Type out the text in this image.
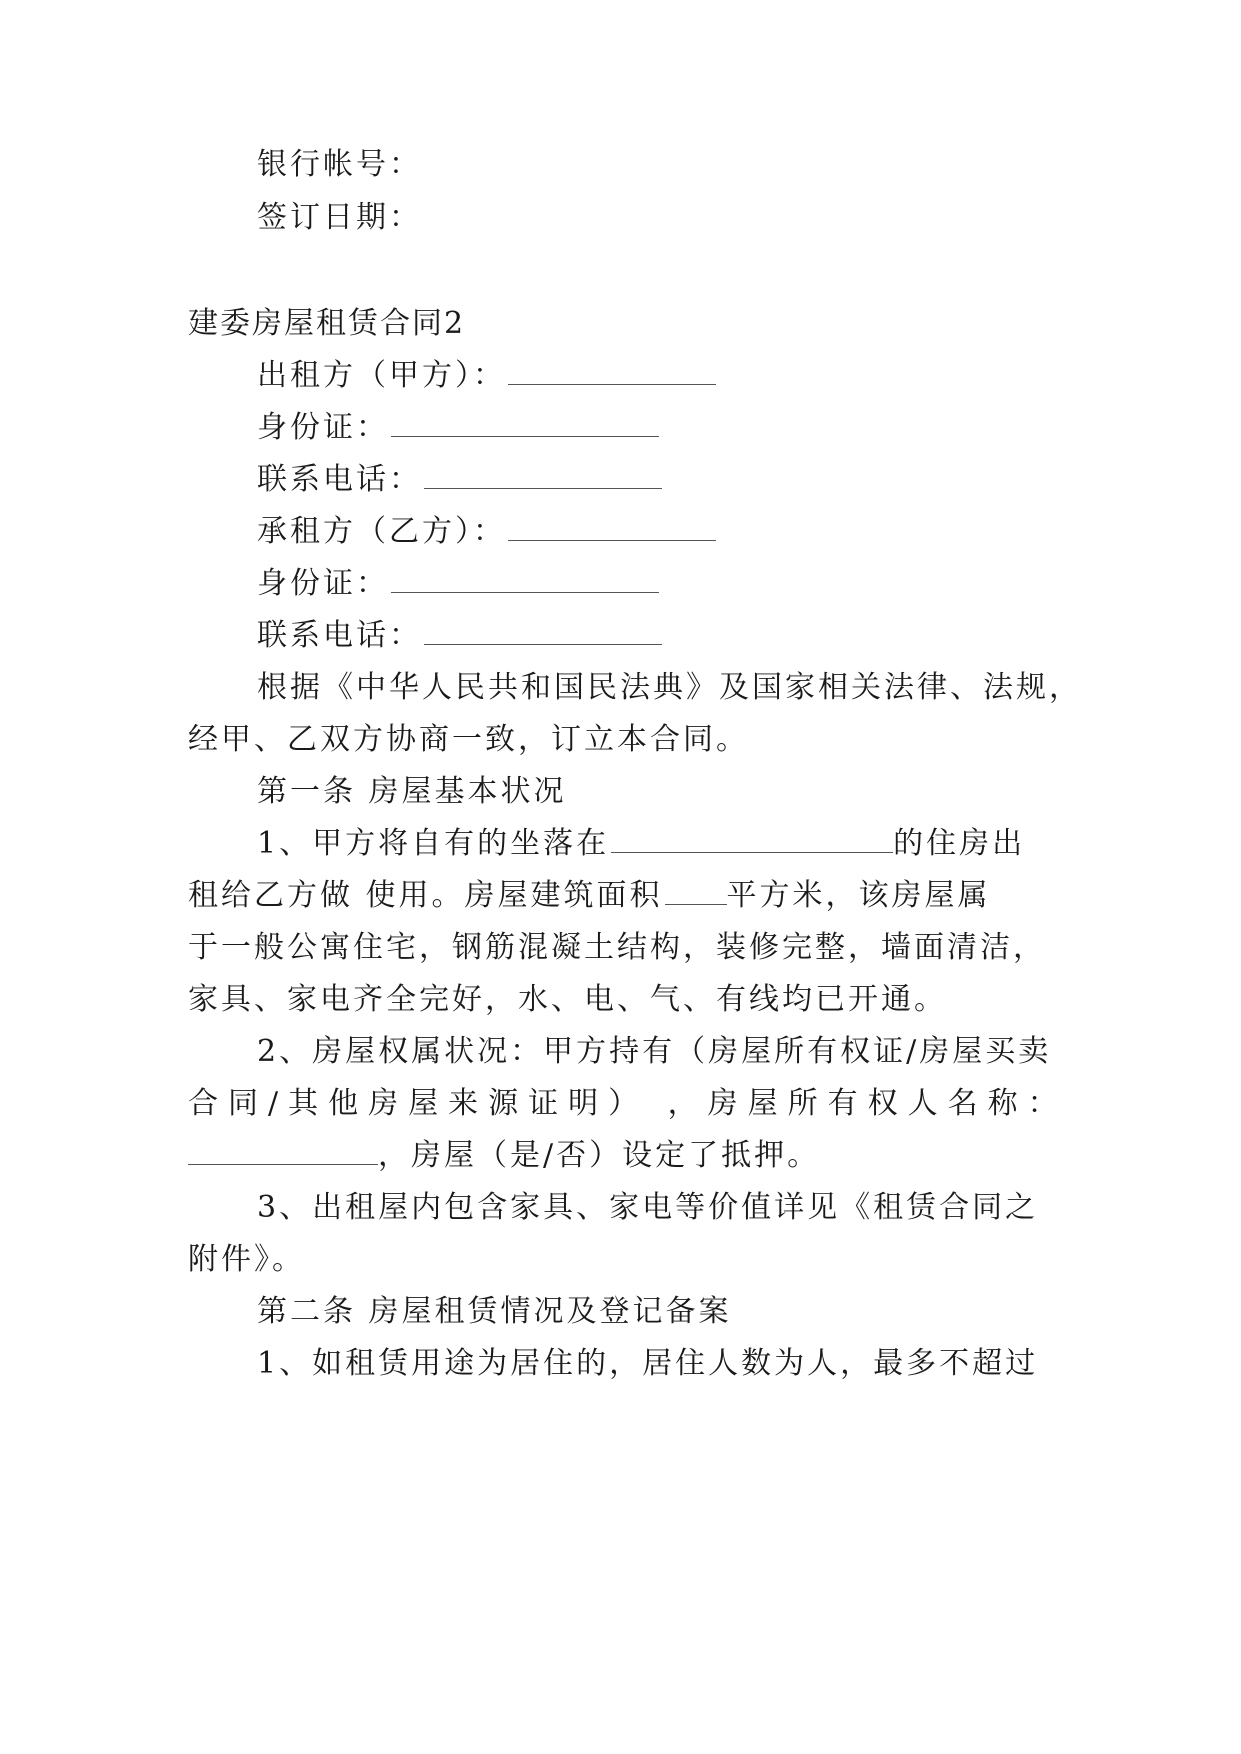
银行帐号：
签订日期：
建委房屋租赁合同2
出租方（甲方）：
身份证：
联系电话：
承租方（乙方）：
身份证：
联系电话：
根据《中华人民共和国民法典》及国家相关法律、法规，
经甲、乙双方协商一致，订立本合同。
第一条 房屋基本状况
1、甲方将自有的坐落在	的住房出
租给乙方做 使用。房屋建筑面积 平方米，该房屋属
于一般公寓住宅，钢筋混凝土结构，装修完整，墙面清洁，
家具、家电齐全完好，水、电、气、有线均已开通。
2、房屋权属状况：甲方持有（房屋所有权证/房屋买卖
合同/其他房屋来源证明） ，房屋所有权人名称：
，房屋（是/否）设定了抵押。
3、出租屋内包含家具、家电等价值详见《租赁合同之
附件》。
第二条 房屋租赁情况及登记备案
1、如租赁用途为居住的，居住人数为人，最多不超过
